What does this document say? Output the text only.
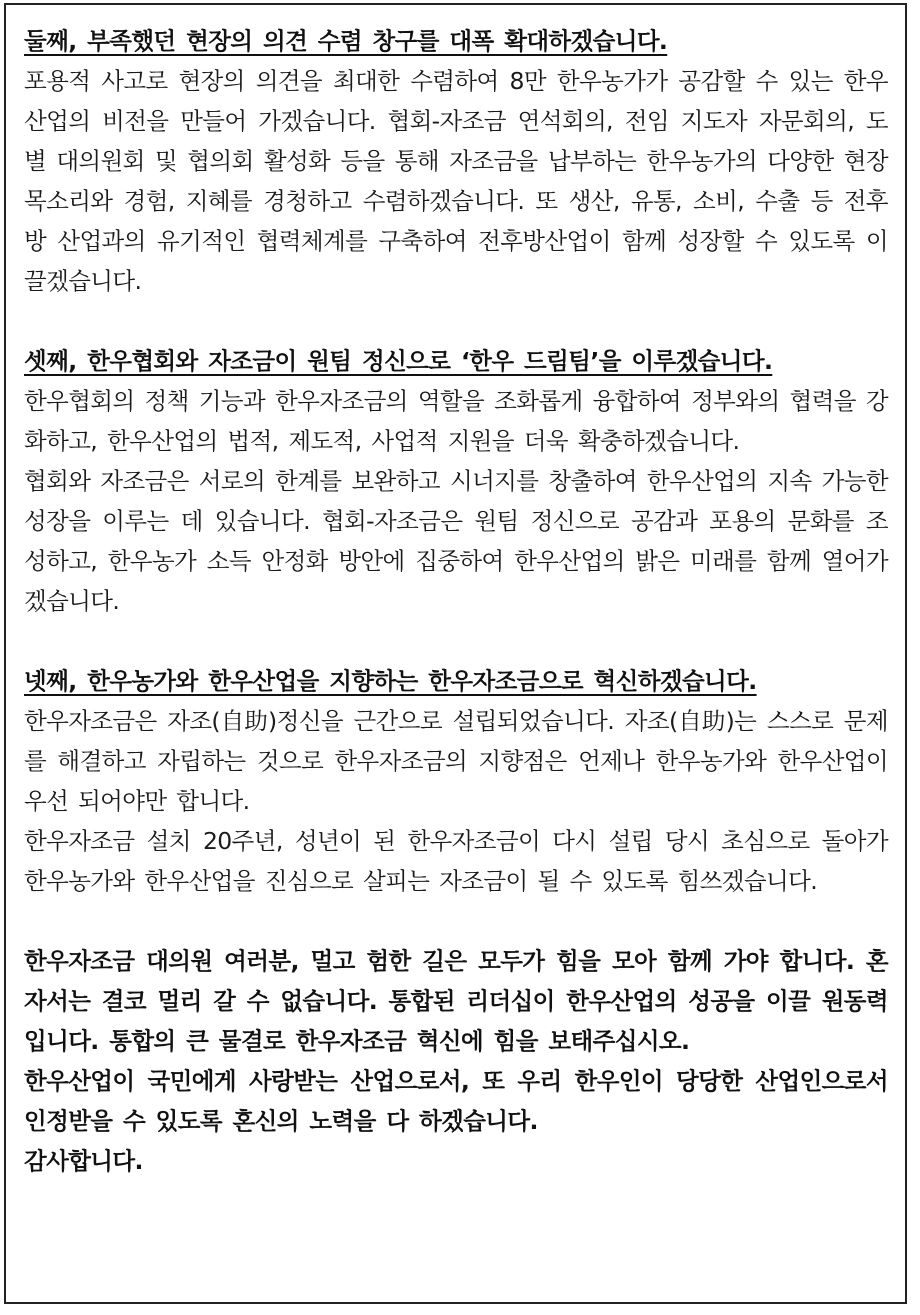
둘째, 부족했던 현장의 의견 수렴 창구를 대폭 확대하겠습니다.

포용적 사고로 현장의 의견을 최대한 수렴하여 8만 한우농가가 공감할 수 있는 한우산업의 비전을 만들어 가겠습니다. 협회-자조금 연석회의, 전임 지도자 자문회의, 도별 대의원회 및 협의회 활성화 등을 통해 자조금을 납부하는 한우농가의 다양한 현장 목소리와 경험, 지혜를 경청하고 수렴하겠습니다. 또 생산, 유통, 소비, 수출 등 전후방 산업과의 유기적인 협력체계를 구축하여 전후방산업이 함께 성장할 수 있도록 이끌겠습니다.

셋째, 한우협회와 자조금이 원팀 정신으로 ‘한우 드림팀’을 이루겠습니다.

한우협회의 정책 기능과 한우자조금의 역할을 조화롭게 융합하여 정부와의 협력을 강화하고, 한우산업의 법적, 제도적, 사업적 지원을 더욱 확충하겠습니다.

협회와 자조금은 서로의 한계를 보완하고 시너지를 창출하여 한우산업의 지속 가능한 성장을 이루는 데 있습니다. 협회-자조금은 원팀 정신으로 공감과 포용의 문화를 조성하고, 한우농가 소득 안정화 방안에 집중하여 한우산업의 밝은 미래를 함께 열어가겠습니다.

넷째, 한우농가와 한우산업을 지향하는 한우자조금으로 혁신하겠습니다.

한우자조금은 자조(自助)정신을 근간으로 설립되었습니다. 자조(自助)는 스스로 문제를 해결하고 자립하는 것으로 한우자조금의 지향점은 언제나 한우농가와 한우산업이 우선 되어야만 합니다.

한우자조금 설치 20주년, 성년이 된 한우자조금이 다시 설립 당시 초심으로 돌아가 한우농가와 한우산업을 진심으로 살피는 자조금이 될 수 있도록 힘쓰겠습니다.

한우자조금 대의원 여러분, 멀고 험한 길은 모두가 힘을 모아 함께 가야 합니다. 혼자서는 결코 멀리 갈 수 없습니다. 통합된 리더십이 한우산업의 성공을 이끌 원동력입니다. 통합의 큰 물결로 한우자조금 혁신에 힘을 보태주십시오.

한우산업이 국민에게 사랑받는 산업으로서, 또 우리 한우인이 당당한 산업인으로서 인정받을 수 있도록 혼신의 노력을 다 하겠습니다.

감사합니다.
